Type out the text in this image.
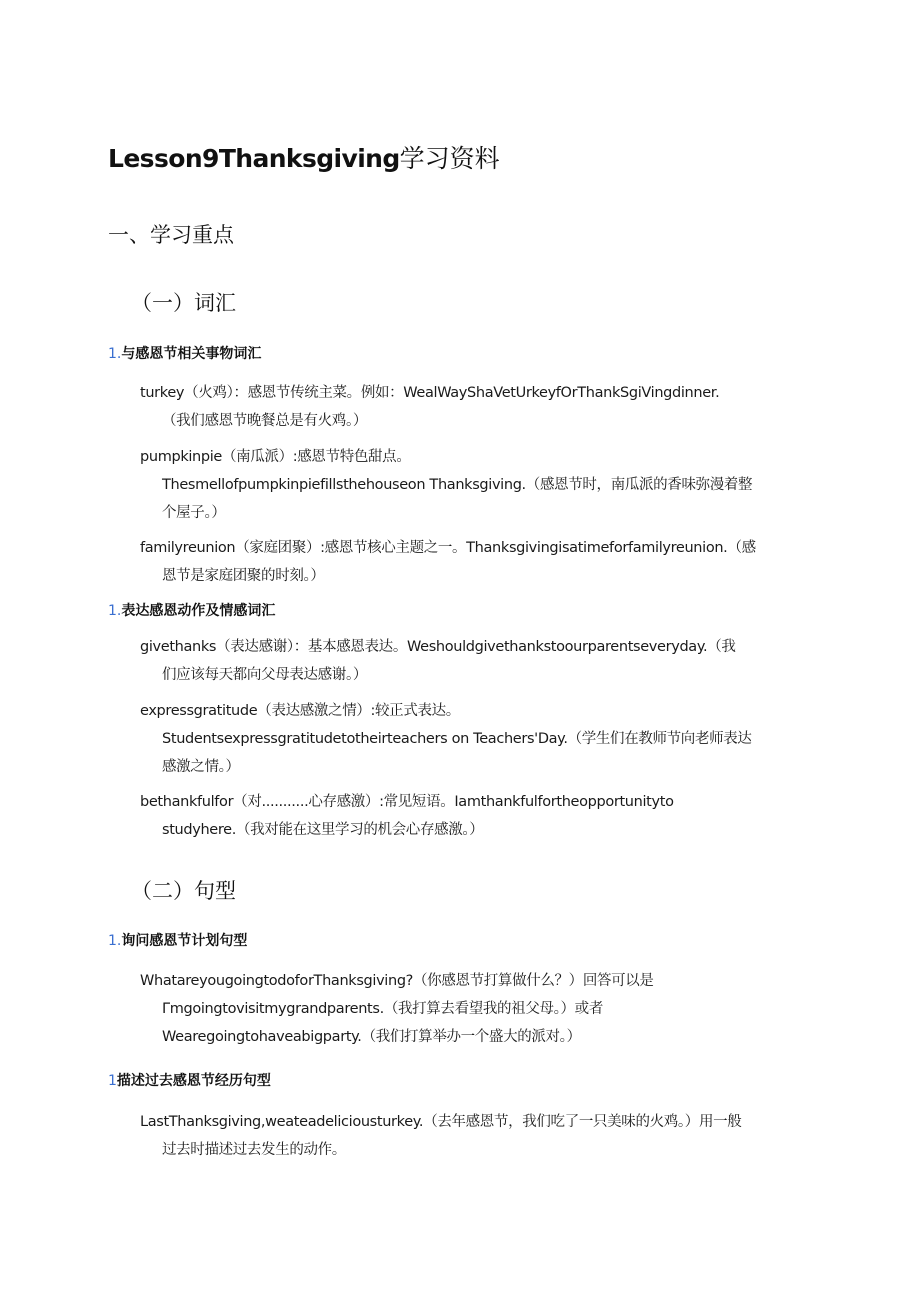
Lesson9Thanksgiving学习资料
一、学习重点
（一）词汇
1.与感恩节相关事物词汇
turkey（火鸡）：感恩节传统主菜。例如：WealWayShaVetUrkeyfOrThankSgiVingdinner.
（我们感恩节晚餐总是有火鸡。）
pumpkinpie（南瓜派）:感恩节特色甜点。
Thesmellofpumpkinpiefillsthehouseon Thanksgiving.（感恩节时，南瓜派的香味弥漫着整
个屋子。）
familyreunion（家庭团聚）:感恩节核心主题之一。Thanksgivingisatimeforfamilyreunion.（感
恩节是家庭团聚的时刻。）
1.表达感恩动作及情感词汇
givethanks（表达感谢）：基本感恩表达。Weshouldgivethankstoourparentseveryday.（我
们应该每天都向父母表达感谢。）
expressgratitude（表达感激之情）:较正式表达。
Studentsexpressgratitudetotheirteachers on Teachers'Day.（学生们在教师节向老师表达
感激之情。）
bethankfulfor（对...........心存感激）:常见短语。Iamthankfulfortheopportunityto
studyhere.（我对能在这里学习的机会心存感激。）
（二）句型
1.询问感恩节计划句型
WhatareyougoingtodoforThanksgiving?（你感恩节打算做什么？）回答可以是
Γmgoingtovisitmygrandparents.（我打算去看望我的祖父母。）或者
Wearegoingtohaveabigparty.（我们打算举办一个盛大的派对。）
1描述过去感恩节经历句型
LastThanksgiving,weateadeliciousturkey.（去年感恩节，我们吃了一只美味的火鸡。）用一般
过去时描述过去发生的动作。
